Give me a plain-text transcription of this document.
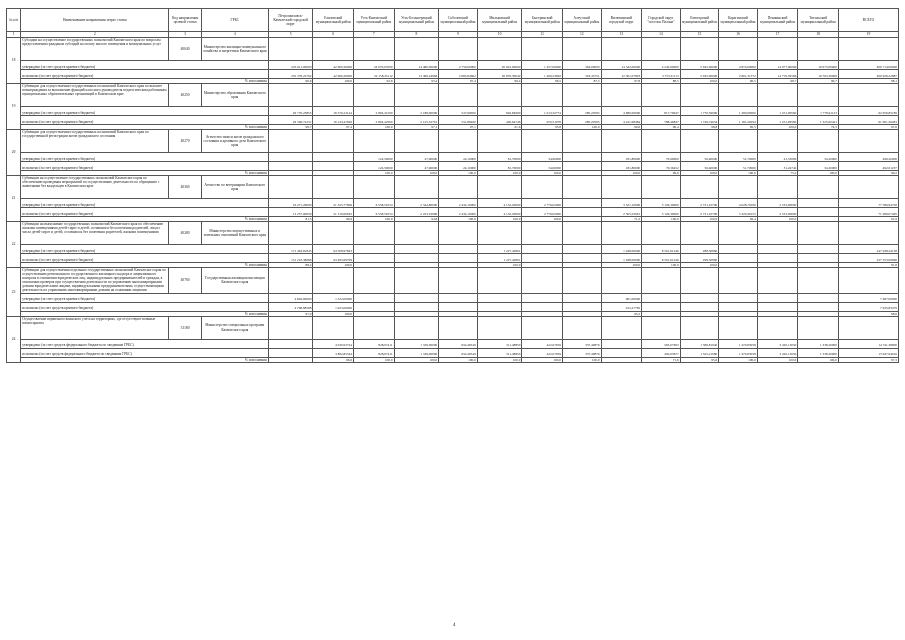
№ п/п	Наименование направления затрат статьи	Код направления целевой статьи	ГРБС	Петропавловск-Камчатский городской округ	Елизовский муниципальный район	Усть-Камчатский муниципальный район	Усть-Большерецкий муниципальный район	Соболевский муниципальный район	Мильковский муниципальный район	Быстринский муниципальный район	Алеутский муниципальный район	Вилючинский городской округ	Городской округ "поселок Палана"	Олюторский муниципальный район	Карагинский муниципальный район	Пенжинский муниципальный район	Тигильский муниципальный район	ВСЕГО
1	2	3	4	5	6	7	8	9	10	11	12	13	14	15	16	17	18	19
18	Субсидии на осуществление государственных полномочий Камчатского края по вопросам предоставления гражданам субсидий на оплату жилого помещения и коммунальных услуг	40040	Министерство жилищно-коммунального хозяйства и энергетики Камчатского края															
	утверждено (за счет средств краевого бюджета)			243 611,00000	42 600,20000	24 670,07000	14 480,00000	2 756,00000	20 991,00000	1 457,00000	364,00000	14 542,00000	4 242,60000	5 945,00000	4 874,00000	14 977,00000	16 673,00000	409 714,00000
	исполнено (за счет средств краевого бюджета)			235 378,22792	42 600,20000	22 158,45112	13 499,24966	2 683,84662	20 870,30042	1 406,23662	318,43751	12 301,07893	3 753,31113	5 945,00000	2 801,31372	14 776,59566	16 763,36000	400 926,22887
	% исполнения			96,6	100,0	92,8	93,2	97,4	99,4	96,5	87,5	97,8	88,5	100,0	96,5	98,7	99,7	98,1
19	Субвенции для осуществления государственных полномочий Камчатского края по выплате вознаграждения за выполнение функций классного руководителя педагогическим работникам муниципальных образовательных организаций в Камчатском крае	40250	Министерство образования Камчатского края															
	утверждено (за счет средств краевого бюджета)			29 770,23853	16 570,23144	2 804,41500	2 188,00000	547,90000	692,84900	1 013,32774	285,20595	4 680,00000	817,79047	1 770,59000	1 390,00000	1 251,09560	1 778,91123	62 956,85189
	исполнено (за счет средств краевого бюджета)			29 369,72231	16 143,47946	2 804,42500	2 125,52761	531,86460	426,64746	970,51978	285,20595	4 241,98484	788,46847	1 749,74634	1 181,20294	1 251,09560	1 325,62441	61 901,56481
	% исполнения			98,7	97,4	100,0	97,1	97,1	61,6	95,8	100,0	90,6	96,4	98,8	85,5	100,0	74,5	97,6
20	Субвенции для осуществления государственных полномочий Камчатского края по государственной регистрации актов гражданского состояния	40270	Агентство записи актов гражданского состояния и архивного дела Камчатского края															
	утверждено (за счет средств краевого бюджета)					124,50000	47,90000	24,10000	81,70000	34,60000		181,80000	70,60000	56,40000	51,70000	41,53000	34,20000	496,20000
	исполнено (за счет средств краевого бюджета)					124,50000	47,90000	24,10000	81,70000	34,60000		181,80000	70,56452	56,40000	51,70000	31,24742	34,20000	492,01237
	% исполнения					100,0	100,0	100,0	100,0	100,0		100,0	99,9	100,0	100,0	75,2	100,0	99,2
21	Субвенции на осуществление государственных полномочий Камчатского края по обеспечению проведения мероприятий по осуществлению деятельности по обращению с животными без владельцев в Камчатском крае	40360	Агентство по ветеринарии Камчатского края															
	утверждено (за счет средств краевого бюджета)			16 271,26000	21 325,77696	6 558,59154	2 344,80000	2 434,10000	4 132,20000	2 776,02000		3 521,10000	3 129,30000	2 731,10700	4 028,79100	2 533,00000		77 586,94728
	исполнено (за счет средств краевого бюджета)			13 257,00059	21 310,00645	6 558,59154	2 223,19996	2 434,10000	4 132,20000	2 776,02000		2 505,25661	3 129,30000	2 731,10700	3 320,40155	2 533,00000		71 289,07465
	% исполнения			81,5	99,9	100,0	94,8	100,0	100,0	100,0		71,2	100,0	100,0	82,4	100,0		91,9
22	Субвенции на выполнение государственных полномочий Камчатского края по обеспечению жилыми помещениями детей-сирот и детей, оставшихся без попечения родителей, лиц из числа детей-сирот и детей, оставшихся без попечения родителей, жилыми помещениями	40280	Министерство имущественных и земельных отношений Камчатского края															
	утверждено (за счет средств краевого бюджета)			171 463,81845	64 508,97843				1 227,42801			1 948,00000	8 501,61246	288,30860				247 948,24158
	исполнено (за счет средств краевого бюджета)			151 223,38686	64 483,69799				1 227,42801			1 948,00000	8 501,61246	298,30860				227 553,09660
	% исполнения			88,2	100,0				100,0			100,0	100,0	100,0				91,8
23	Субвенции для осуществления отдельных государственных полномочий Камчатского края по осуществлению регионального государственного жилищного надзора и лицензионного контроля в отношении юридических лиц, индивидуальных предпринимателей и граждан, в отношении проверок при осуществлении деятельности по управлению многоквартирными домами юридическими лицами, индивидуальными предпринимателями, осуществляющими деятельность по управлению многоквартирными домами на основании лицензии	40760	Государственная жилищная инспекция Камчатского края															
	утверждено (за счет средств краевого бюджета)			4 894,00000	1 522,00000							961,00000						7 487,00000
	исполнено (за счет средств краевого бюджета)			4 798,88598	1 923,00000							915,27785						7 635,83479
	% исполнения			97,9	100,0							95,2						98,0
24	Осуществление первичного воинского учета на территориях, где отсутствуют военные комиссариаты	51180	Министерство специальных программ Камчатского края															
	утверждено (за счет средств федерального бюджета по сведениям ГРБС)				4 030,93744	828,07411	1 339,00000	634,46549	311,48850	422,07659	337,40876		563,07693	1 386,81940	1 470,83058	3 420,13050	1 338,20000	14 741,38900
	исполнено (за счет средств федерального бюджета по сведениям ГРБС)				3 892,85344	828,07411	1 339,00000	634,46549	311,48850	422,07659	337,40876		402,93677	1 325,21080	1 470,83058	3 420,13050	1 338,20000	13 647,94016
	% исполнения				96,6	100,0	100,0	100,0	100,0	100,0	100,0		71,6	95,6	100,0	100,0	100,0	97,3
4
